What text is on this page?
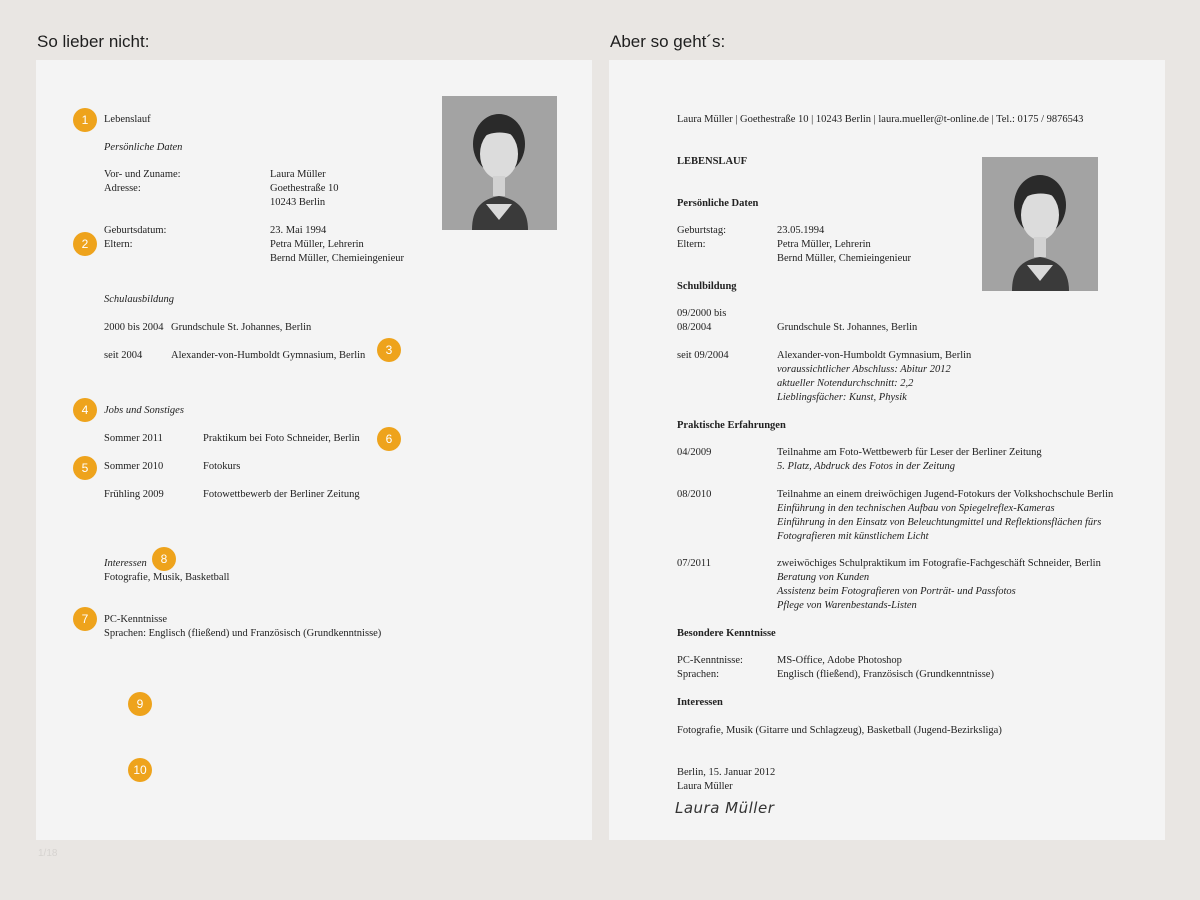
So lieber nicht:	Aber so geht´s:
Lebenslauf
Persönliche Daten
Vor- und Zuname:	Laura Müller
Adresse:	Goethestraße 10
10243 Berlin
Geburtsdatum:	23. Mai 1994
Eltern:	Petra Müller, Lehrerin
Bernd Müller, Chemieingenieur
Schulausbildung
2000 bis 2004 Grundschule St. Johannes, Berlin
seit 2004	Alexander-von-Humboldt Gymnasium, Berlin
Jobs und Sonstiges
Sommer 2011	Praktikum bei Foto Schneider, Berlin
Sommer 2010	Fotokurs
Frühling 2009	Fotowettbewerb der Berliner Zeitung
Interessen
Fotografie, Musik, Basketball
PC-Kenntnisse
Sprachen: Englisch (fließend) und Französisch (Grundkenntnisse)
1
2
3
4
5
6
7
8
9
10
Laura Müller | Goethestraße 10 | 10243 Berlin | laura.mueller@t-online.de | Tel.: 0175 / 9876543
LEBENSLAUF
Persönliche Daten
Geburtstag:	23.05.1994
Eltern:	Petra Müller, Lehrerin
Bernd Müller, Chemieingenieur
Schulbildung
09/2000 bis
08/2004	Grundschule St. Johannes, Berlin
seit 09/2004	Alexander-von-Humboldt Gymnasium, Berlin
voraussichtlicher Abschluss: Abitur 2012
aktueller Notendurchschnitt: 2,2
Lieblingsfächer: Kunst, Physik
Praktische Erfahrungen
04/2009	Teilnahme am Foto-Wettbewerb für Leser der Berliner Zeitung
5. Platz, Abdruck des Fotos in der Zeitung
08/2010	Teilnahme an einem dreiwöchigen Jugend-Fotokurs der Volkshochschule Berlin
Einführung in den technischen Aufbau von Spiegelreflex-Kameras
Einführung in den Einsatz von Beleuchtungmittel und Reflektionsflächen fürs
Fotografieren mit künstlichem Licht
07/2011	zweiwöchiges Schulpraktikum im Fotografie-Fachgeschäft Schneider, Berlin
Beratung von Kunden
Assistenz beim Fotografieren von Porträt- und Passfotos
Pflege von Warenbestands-Listen
Besondere Kenntnisse
PC-Kenntnisse:	MS-Office, Adobe Photoshop
Sprachen:	Englisch (fließend), Französisch (Grundkenntnisse)
Interessen
Fotografie, Musik (Gitarre und Schlagzeug), Basketball (Jugend-Bezirksliga)
Berlin, 15. Januar 2012
Laura Müller
Laura Müller
1/18
